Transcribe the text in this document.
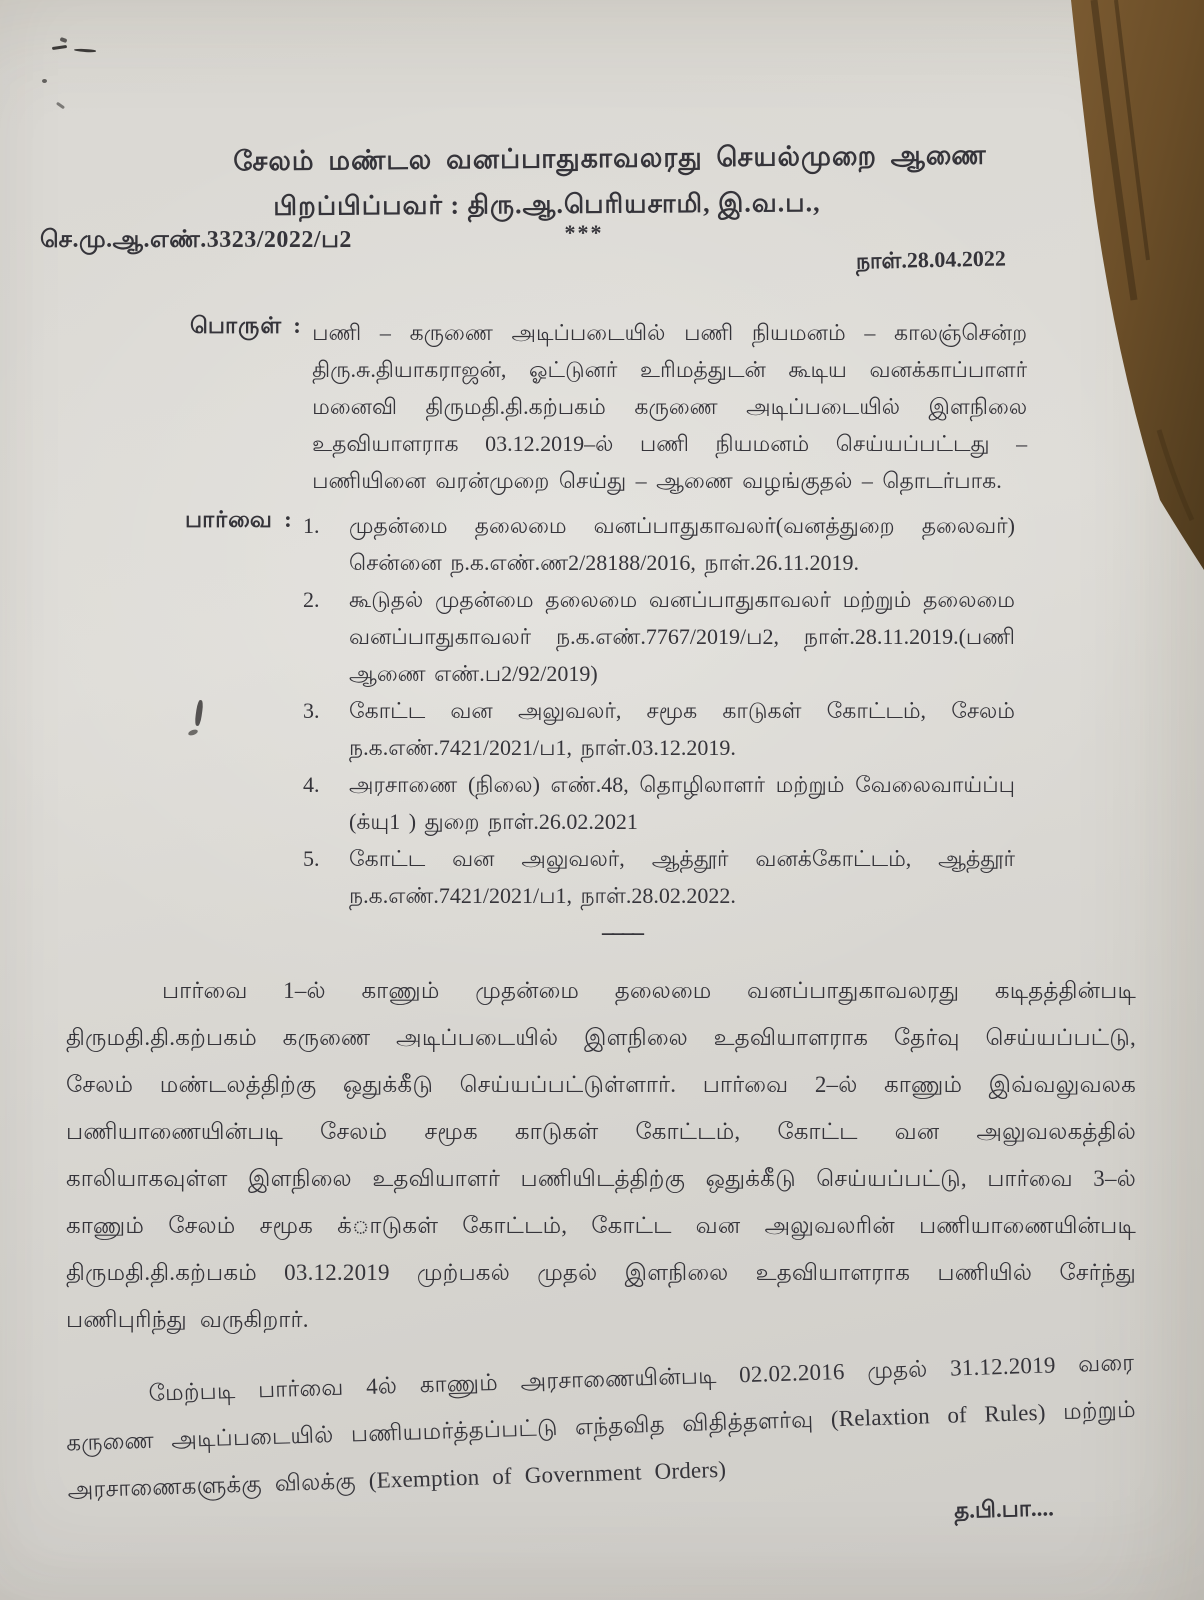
சேலம் மண்டல வனப்பாதுகாவலரது செயல்முறை ஆணை
பிறப்பிப்பவர் : திரு.ஆ.பெரியசாமி, இ.வ.ப.,
***
செ.மு.ஆ.எண்.3323/2022/ப2
நாள்.28.04.2022
பொருள் : பணி – கருணை அடிப்படையில் பணி நியமனம் – காலஞ்சென்ற திரு.சு.தியாகராஜன், ஓட்டுனர் உரிமத்துடன் கூடிய வனக்காப்பாளர் மனைவி திருமதி.தி.கற்பகம் கருணை அடிப்படையில் இளநிலை உதவியாளராக 03.12.2019–ல் பணி நியமனம் செய்யப்பட்டது – பணியினை வரன்முறை செய்து – ஆணை வழங்குதல் – தொடர்பாக.
பார்வை : 1.	முதன்மை தலைமை வனப்பாதுகாவலர்(வனத்துறை தலைவர்) சென்னை ந.க.எண்.ண2/28188/2016, நாள்.26.11.2019.
2.	கூடுதல் முதன்மை தலைமை வனப்பாதுகாவலர் மற்றும் தலைமை வனப்பாதுகாவலர் ந.க.எண்.7767/2019/ப2, நாள்.28.11.2019.(பணி ஆணை எண்.ப2/92/2019)
3.	கோட்ட வன அலுவலர், சமூக காடுகள் கோட்டம், சேலம் ந.க.எண்.7421/2021/ப1, நாள்.03.12.2019.
4.	அரசாணை (நிலை) எண்.48, தொழிலாளர் மற்றும் வேலைவாய்ப்பு (க்யு1 ) துறை நாள்.26.02.2021
5.	கோட்ட வன அலுவலர், ஆத்தூர் வனக்கோட்டம், ஆத்தூர் ந.க.எண்.7421/2021/ப1, நாள்.28.02.2022.
––––

பார்வை 1–ல் காணும் முதன்மை தலைமை வனப்பாதுகாவலரது கடிதத்தின்படி திருமதி.தி.கற்பகம் கருணை அடிப்படையில் இளநிலை உதவியாளராக தேர்வு செய்யப்பட்டு, சேலம் மண்டலத்திற்கு ஒதுக்கீடு செய்யப்பட்டுள்ளார். பார்வை 2–ல் காணும் இவ்வலுவலக பணியாணையின்படி சேலம் சமூக காடுகள் கோட்டம், கோட்ட வன அலுவலகத்தில் காலியாகவுள்ள இளநிலை உதவியாளர் பணியிடத்திற்கு ஒதுக்கீடு செய்யப்பட்டு, பார்வை 3–ல் காணும் சேலம் சமூக க்ாடுகள் கோட்டம், கோட்ட வன அலுவலரின் பணியாணையின்படி திருமதி.தி.கற்பகம் 03.12.2019 முற்பகல் முதல் இளநிலை உதவியாளராக பணியில் சேர்ந்து பணிபுரிந்து வருகிறார்.

மேற்படி பார்வை 4ல் காணும் அரசாணையின்படி 02.02.2016 முதல் 31.12.2019 வரை கருணை அடிப்படையில் பணியமர்த்தப்பட்டு எந்தவித விதித்தளர்வு (Relaxtion of Rules) மற்றும் அரசாணைகளுக்கு விலக்கு (Exemption of Government Orders)

த.பி.பா....
